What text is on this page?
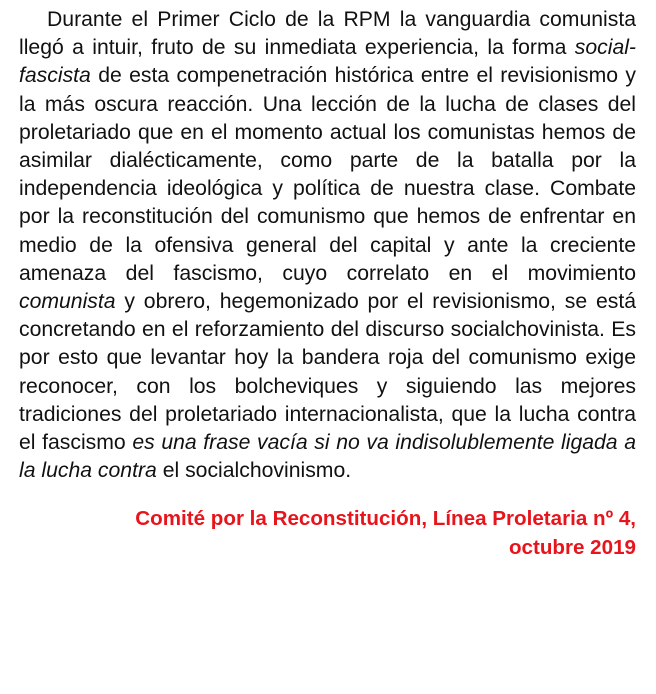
Durante el Primer Ciclo de la RPM la vanguardia comunista llegó a intuir, fruto de su inmediata experiencia, la forma social-fascista de esta compenetración histórica entre el revisionismo y la más oscura reacción. Una lección de la lucha de clases del proletariado que en el momento actual los comunistas hemos de asimilar dialécticamente, como parte de la batalla por la independencia ideológica y política de nuestra clase. Combate por la reconstitución del comunismo que hemos de enfrentar en medio de la ofensiva general del capital y ante la creciente amenaza del fascismo, cuyo correlato en el movimiento comunista y obrero, hegemonizado por el revisionismo, se está concretando en el reforzamiento del discurso socialchovinista. Es por esto que levantar hoy la bandera roja del comunismo exige reconocer, con los bolcheviques y siguiendo las mejores tradiciones del proletariado internacionalista, que la lucha contra el fascismo es una frase vacía si no va indisolublemente ligada a la lucha contra el socialchovinismo.

Comité por la Reconstitución, Línea Proletaria nº 4,
octubre 2019
